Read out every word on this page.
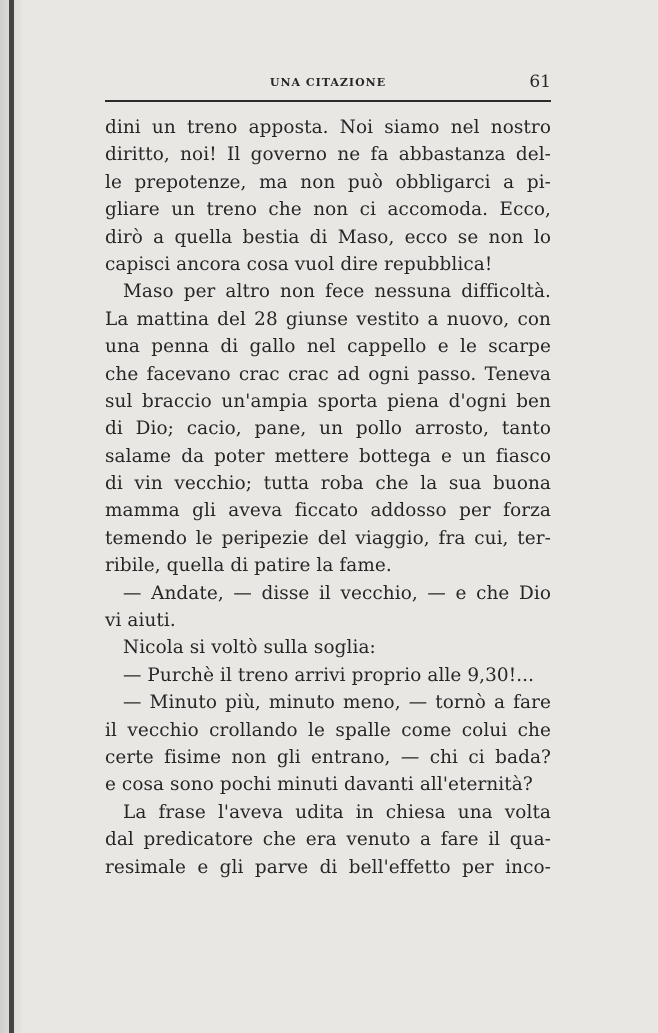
UNA CITAZIONE	61
dini un treno apposta. Noi siamo nel nostro
diritto, noi! Il governo ne fa abbastanza del-
le prepotenze, ma non può obbligarci a pi-
gliare un treno che non ci accomoda. Ecco,
dirò a quella bestia di Maso, ecco se non lo
capisci ancora cosa vuol dire repubblica!
Maso per altro non fece nessuna difficoltà.
La mattina del 28 giunse vestito a nuovo, con
una penna di gallo nel cappello e le scarpe
che facevano crac crac ad ogni passo. Teneva
sul braccio un'ampia sporta piena d'ogni ben
di Dio; cacio, pane, un pollo arrosto, tanto
salame da poter mettere bottega e un fiasco
di vin vecchio; tutta roba che la sua buona
mamma gli aveva ficcato addosso per forza
temendo le peripezie del viaggio, fra cui, ter-
ribile, quella di patire la fame.
— Andate, — disse il vecchio, — e che Dio
vi aiuti.
Nicola si voltò sulla soglia:
— Purchè il treno arrivi proprio alle 9,30!...
— Minuto più, minuto meno, — tornò a fare
il vecchio crollando le spalle come colui che
certe fisime non gli entrano, — chi ci bada?
e cosa sono pochi minuti davanti all'eternità?
La frase l'aveva udita in chiesa una volta
dal predicatore che era venuto a fare il qua-
resimale e gli parve di bell'effetto per inco-
